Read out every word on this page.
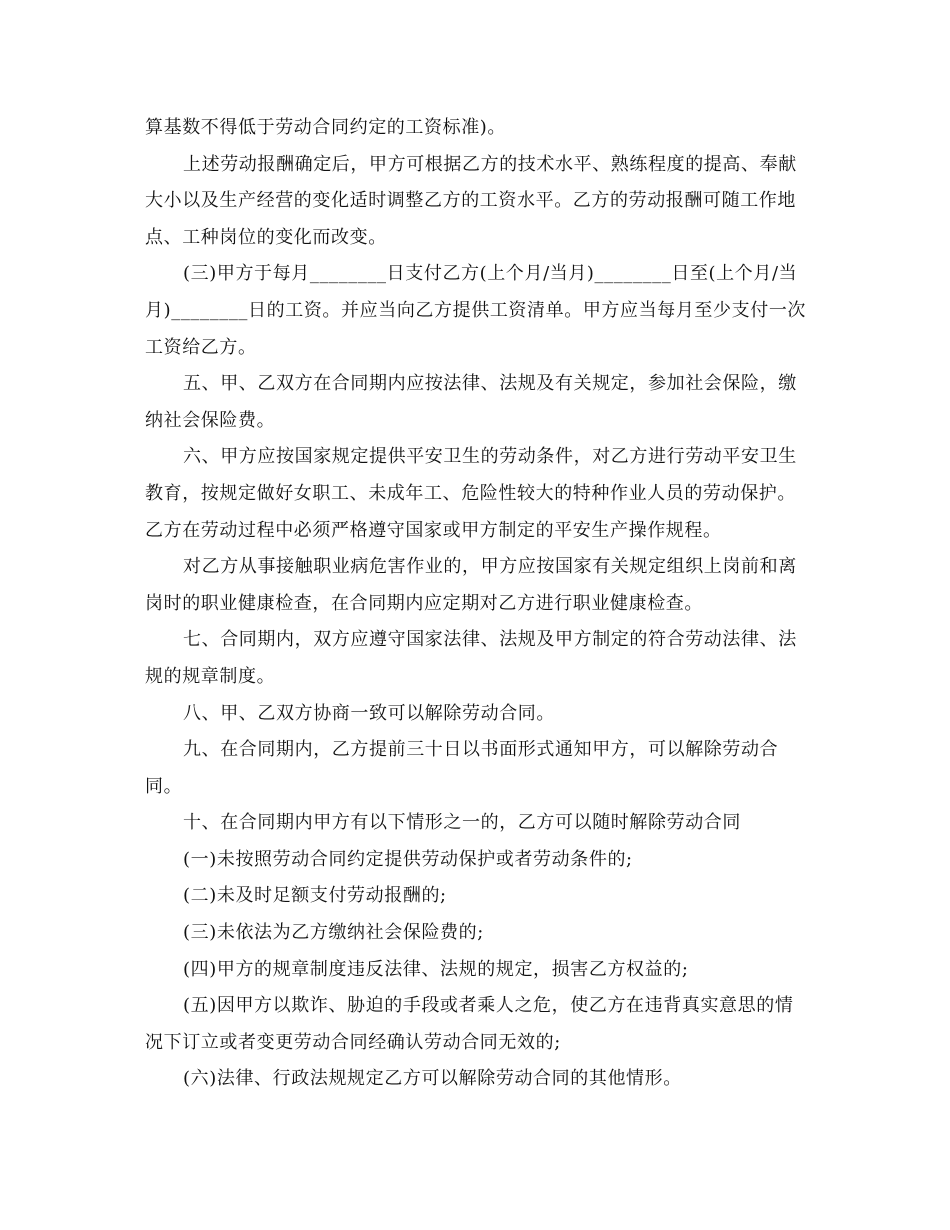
算基数不得低于劳动合同约定的工资标准)。

上述劳动报酬确定后，甲方可根据乙方的技术水平、熟练程度的提高、奉献
大小以及生产经营的变化适时调整乙方的工资水平。乙方的劳动报酬可随工作地
点、工种岗位的变化而改变。

(三)甲方于每月________日支付乙方(上个月/当月)________日至(上个月/当
月)________日的工资。并应当向乙方提供工资清单。甲方应当每月至少支付一次
工资给乙方。

五、甲、乙双方在合同期内应按法律、法规及有关规定，参加社会保险，缴
纳社会保险费。

六、甲方应按国家规定提供平安卫生的劳动条件，对乙方进行劳动平安卫生
教育，按规定做好女职工、未成年工、危险性较大的特种作业人员的劳动保护。
乙方在劳动过程中必须严格遵守国家或甲方制定的平安生产操作规程。

对乙方从事接触职业病危害作业的，甲方应按国家有关规定组织上岗前和离
岗时的职业健康检查，在合同期内应定期对乙方进行职业健康检查。

七、合同期内，双方应遵守国家法律、法规及甲方制定的符合劳动法律、法
规的规章制度。

八、甲、乙双方协商一致可以解除劳动合同。

九、在合同期内，乙方提前三十日以书面形式通知甲方，可以解除劳动合
同。

十、在合同期内甲方有以下情形之一的，乙方可以随时解除劳动合同

(一)未按照劳动合同约定提供劳动保护或者劳动条件的;

(二)未及时足额支付劳动报酬的;

(三)未依法为乙方缴纳社会保险费的;

(四)甲方的规章制度违反法律、法规的规定，损害乙方权益的;

(五)因甲方以欺诈、胁迫的手段或者乘人之危，使乙方在违背真实意思的情
况下订立或者变更劳动合同经确认劳动合同无效的;

(六)法律、行政法规规定乙方可以解除劳动合同的其他情形。
